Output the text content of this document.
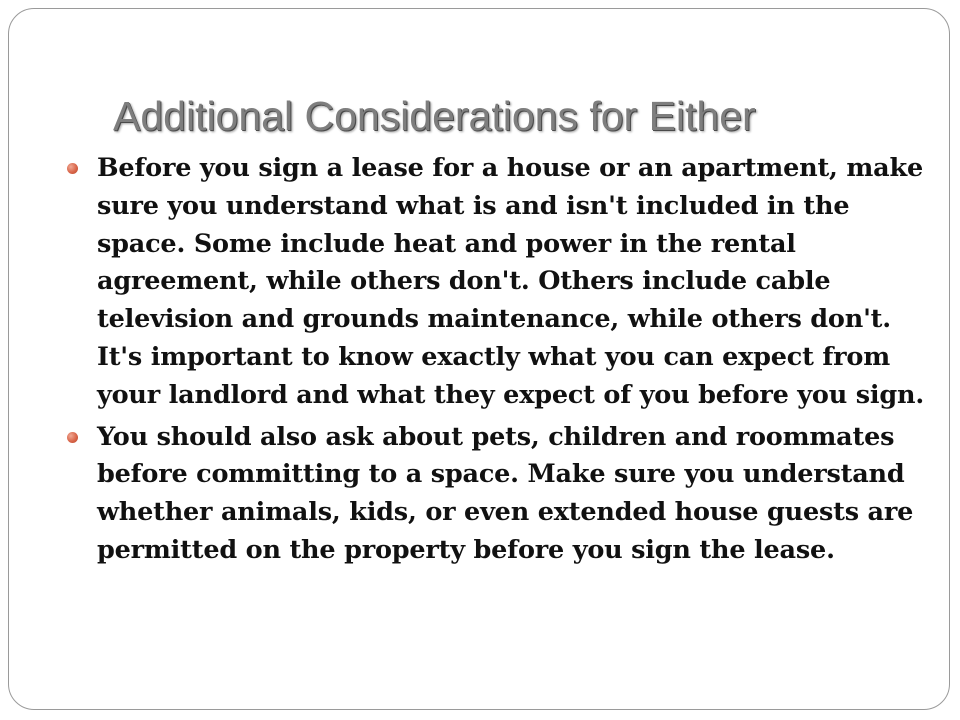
Additional Considerations for Either
Before you sign a lease for a house or an apartment, make sure you understand what is and isn't included in the space. Some include heat and power in the rental agreement, while others don't. Others include cable television and grounds maintenance, while others don't. It's important to know exactly what you can expect from your landlord and what they expect of you before you sign.
You should also ask about pets, children and roommates before committing to a space. Make sure you understand whether animals, kids, or even extended house guests are permitted on the property before you sign the lease.
